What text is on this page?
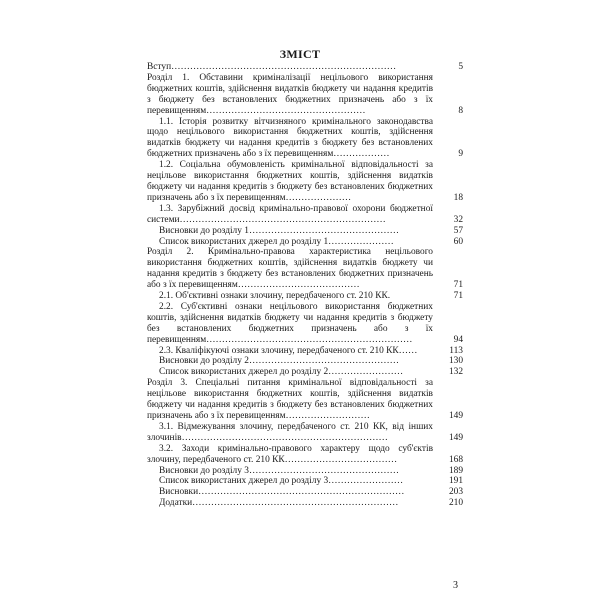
ЗМІСТ
Вступ………………………………………………………………	5
Розділ 1. Обставини криміналізації нецільового використання бюджетних коштів, здійснення видатків бюджету чи надання кредитів з бюджету без встановлених бюджетних призначень або з їх перевищенням……………………………………………	8
1.1. Історія розвитку вітчизняного кримінального законодавства щодо нецільового використання бюджетних коштів, здійснення видатків бюджету чи надання кредитів з бюджету без встановлених бюджетних призначень або з їх перевищенням………………	9
1.2. Соціальна обумовленість кримінальної відповідальності за нецільове використання бюджетних коштів, здійснення видатків бюджету чи надання кредитів з бюджету без встановлених бюджетних призначень або з їх перевищенням…………………	18
1.3. Зарубіжний досвід кримінально-правової охорони бюджетної системи…………………………………………………………	32
Висновки до розділу 1…………………………………………	57
Список використаних джерел до розділу 1…………………	60
Розділ 2. Кримінально-правова характеристика нецільового використання бюджетних коштів, здійснення видатків бюджету чи надання кредитів з бюджету без встановлених бюджетних призначень або з їх перевищенням…………………………………	71
2.1. Об'єктивні ознаки злочину, передбаченого ст. 210 КК.	71
2.2. Суб'єктивні ознаки нецільового використання бюджетних коштів, здійснення видатків бюджету чи надання кредитів з бюджету без встановлених бюджетних призначень або з їх перевищенням…………………………………………………………	94
2.3. Кваліфікуючі ознаки злочину, передбаченого ст. 210 КК……	113
Висновки до розділу 2…………………………………………	130
Список використаних джерел до розділу 2……………………	132
Розділ 3. Спеціальні питання кримінальної відповідальності за нецільове використання бюджетних коштів, здійснення видатків бюджету чи надання кредитів з бюджету без встановлених бюджетних призначень або з їх перевищенням………………………	149
3.1. Відмежування злочину, передбаченого ст. 210 КК, від інших злочинів…………………………………………………………	149
3.2. Заходи кримінально-правового характеру щодо суб'єктів злочину, передбаченого ст. 210 КК………………………………	168
Висновки до розділу 3…………………………………………	189
Список використаних джерел до розділу 3……………………	191
Висновки…………………………………………………………	203
Додатки…………………………………………………………	210
3
